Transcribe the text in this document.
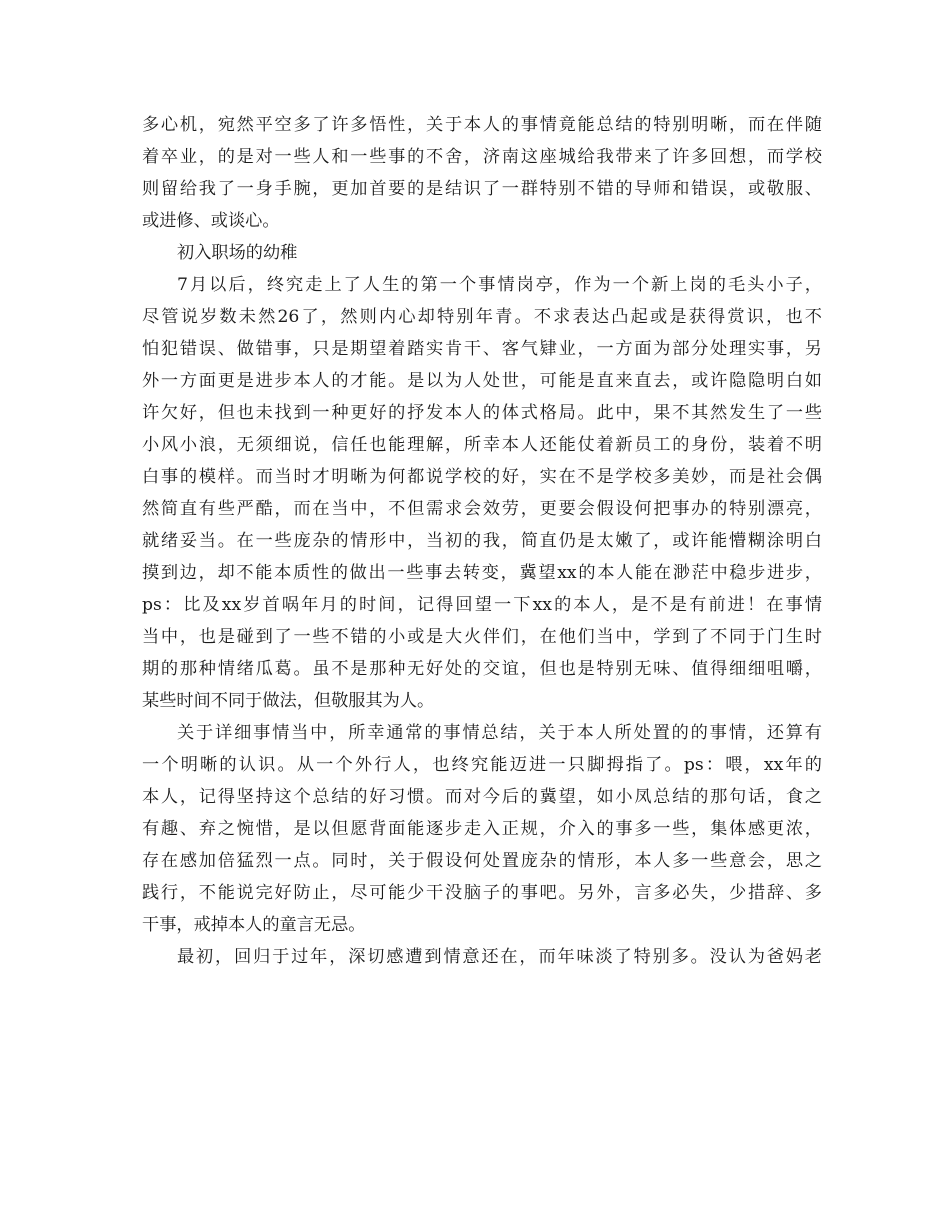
多心机，宛然平空多了许多悟性，关于本人的事情竟能总结的特别明晰，而在伴随
着卒业，的是对一些人和一些事的不舍，济南这座城给我带来了许多回想，而学校
则留给我了一身手腕，更加首要的是结识了一群特别不错的导师和错误，或敬服、
或进修、或谈心。
初入职场的幼稚
7月以后，终究走上了人生的第一个事情岗亭，作为一个新上岗的毛头小子，
尽管说岁数未然26了，然则内心却特别年青。不求表达凸起或是获得赏识，也不
怕犯错误、做错事，只是期望着踏实肯干、客气肄业，一方面为部分处理实事，另
外一方面更是进步本人的才能。是以为人处世，可能是直来直去，或许隐隐明白如
许欠好，但也未找到一种更好的抒发本人的体式格局。此中，果不其然发生了一些
小风小浪，无须细说，信任也能理解，所幸本人还能仗着新员工的身份，装着不明
白事的模样。而当时才明晰为何都说学校的好，实在不是学校多美妙，而是社会偶
然简直有些严酷，而在当中，不但需求会效劳，更要会假设何把事办的特别漂亮，
就绪妥当。在一些庞杂的情形中，当初的我，简直仍是太嫩了，或许能懵糊涂明白
摸到边，却不能本质性的做出一些事去转变，冀望xx的本人能在渺茫中稳步进步，
ps：比及xx岁首㖞年月的时间，记得回望一下xx的本人，是不是有前进！在事情
当中，也是碰到了一些不错的小或是大火伴们，在他们当中，学到了不同于门生时
期的那种情绪瓜葛。虽不是那种无好处的交谊，但也是特别无味、值得细细咀嚼，
某些时间不同于做法，但敬服其为人。
关于详细事情当中，所幸通常的事情总结，关于本人所处置的的事情，还算有
一个明晰的认识。从一个外行人，也终究能迈进一只脚拇指了。ps：喂，xx年的
本人，记得坚持这个总结的好习惯。而对今后的冀望，如小凤总结的那句话，食之
有趣、弃之惋惜，是以但愿背面能逐步走入正规，介入的事多一些，集体感更浓，
存在感加倍猛烈一点。同时，关于假设何处置庞杂的情形，本人多一些意会，思之
践行，不能说完好防止，尽可能少干没脑子的事吧。另外，言多必失，少措辞、多
干事，戒掉本人的童言无忌。
最初，回归于过年，深切感遭到情意还在，而年味淡了特别多。没认为爸妈老
